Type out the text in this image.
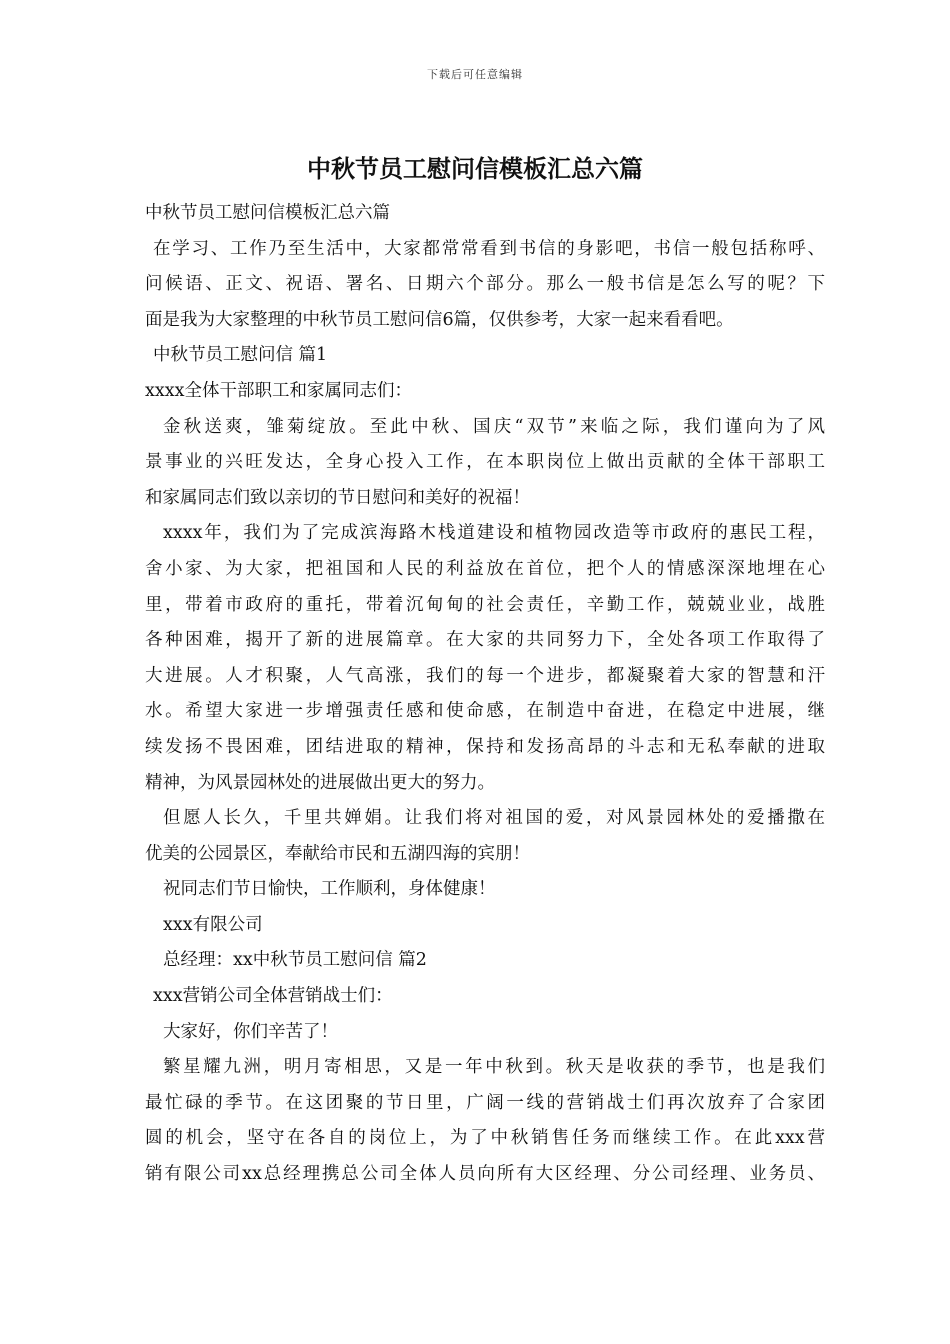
下载后可任意编辑
中秋节员工慰问信模板汇总六篇
中秋节员工慰问信模板汇总六篇
在学习、工作乃至生活中，大家都常常看到书信的身影吧，书信一般包括称呼、
问候语、正文、祝语、署名、日期六个部分。那么一般书信是怎么写的呢？下
面是我为大家整理的中秋节员工慰问信6篇，仅供参考，大家一起来看看吧。
中秋节员工慰问信 篇1
xxxx全体干部职工和家属同志们：
金秋送爽，雏菊绽放。至此中秋、国庆“双节”来临之际，我们谨向为了风
景事业的兴旺发达，全身心投入工作，在本职岗位上做出贡献的全体干部职工
和家属同志们致以亲切的节日慰问和美好的祝福！
xxxx年，我们为了完成滨海路木栈道建设和植物园改造等市政府的惠民工程，
舍小家、为大家，把祖国和人民的利益放在首位，把个人的情感深深地埋在心
里，带着市政府的重托，带着沉甸甸的社会责任，辛勤工作，兢兢业业，战胜
各种困难，揭开了新的进展篇章。在大家的共同努力下，全处各项工作取得了
大进展。人才积聚，人气高涨，我们的每一个进步，都凝聚着大家的智慧和汗
水。希望大家进一步增强责任感和使命感，在制造中奋进，在稳定中进展，继
续发扬不畏困难，团结进取的精神，保持和发扬高昂的斗志和无私奉献的进取
精神，为风景园林处的进展做出更大的努力。
但愿人长久，千里共婵娟。让我们将对祖国的爱，对风景园林处的爱播撒在
优美的公园景区，奉献给市民和五湖四海的宾朋！
祝同志们节日愉快，工作顺利，身体健康！
xxx有限公司
总经理：xx中秋节员工慰问信 篇2
xxx营销公司全体营销战士们：
大家好，你们辛苦了！
繁星耀九洲，明月寄相思，又是一年中秋到。秋天是收获的季节，也是我们
最忙碌的季节。在这团聚的节日里，广阔一线的营销战士们再次放弃了合家团
圆的机会，坚守在各自的岗位上，为了中秋销售任务而继续工作。在此xxx营
销有限公司xx总经理携总公司全体人员向所有大区经理、分公司经理、业务员、
